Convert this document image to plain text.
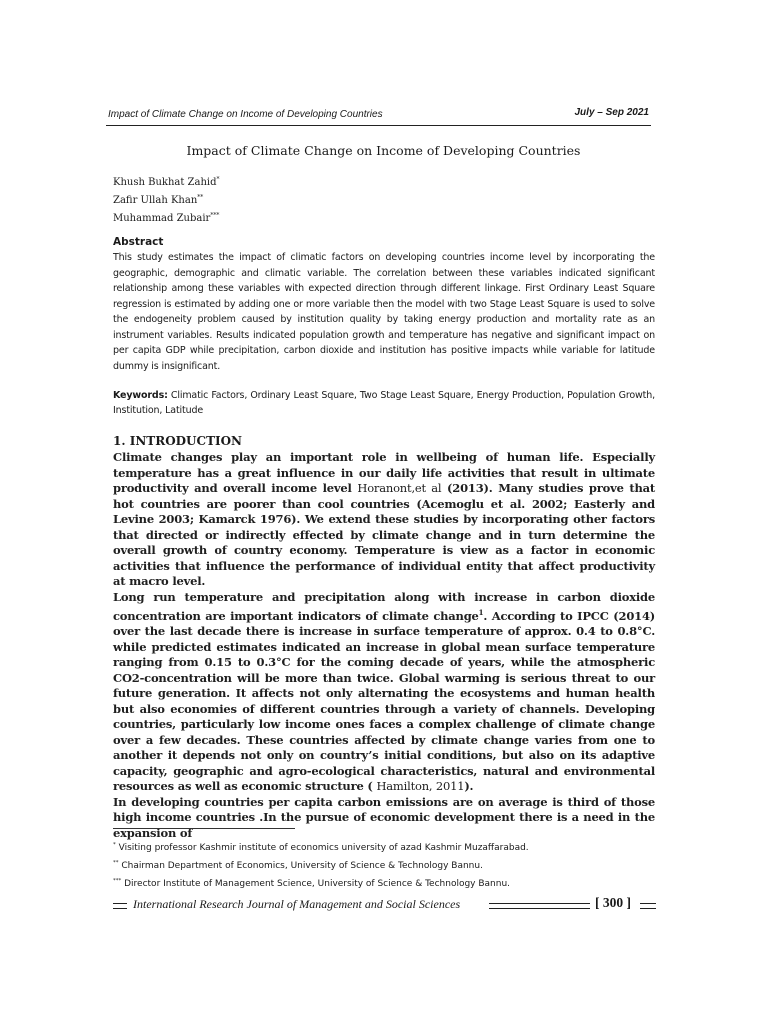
Impact of Climate Change on Income of Developing Countries	July – Sep 2021
Impact of Climate Change on Income of Developing Countries
Khush Bukhat Zahid*
Zafir Ullah Khan**
Muhammad Zubair***
Abstract
This study estimates the impact of climatic factors on developing countries income level by incorporating the geographic, demographic and climatic variable. The correlation between these variables indicated significant relationship among these variables with expected direction through different linkage. First Ordinary Least Square regression is estimated by adding one or more variable then the model with two Stage Least Square is used to solve the endogeneity problem caused by institution quality by taking energy production and mortality rate as an instrument variables. Results indicated population growth and temperature has negative and significant impact on per capita GDP while precipitation, carbon dioxide and institution has positive impacts while variable for latitude dummy is insignificant.
Keywords: Climatic Factors, Ordinary Least Square, Two Stage Least Square, Energy Production, Population Growth, Institution, Latitude
1. INTRODUCTION

Climate changes play an important role in wellbeing of human life. Especially temperature has a great influence in our daily life activities that result in ultimate productivity and overall income level Horanont,et al (2013). Many studies prove that hot countries are poorer than cool countries (Acemoglu et al. 2002; Easterly and Levine 2003; Kamarck 1976). We extend these studies by incorporating other factors that directed or indirectly effected by climate change and in turn determine the overall growth of country economy. Temperature is view as a factor in economic activities that influence the performance of individual entity that affect productivity at macro level.

Long run temperature and precipitation along with increase in carbon dioxide concentration are important indicators of climate change$^1$. According to IPCC (2014) over the last decade there is increase in surface temperature of approx. 0.4 to 0.8°C. while predicted estimates indicated an increase in global mean surface temperature ranging from 0.15 to 0.3°C for the coming decade of years, while the atmospheric CO2-concentration will be more than twice. Global warming is serious threat to our future generation. It affects not only alternating the ecosystems and human health but also economies of different countries through a variety of channels. Developing countries, particularly low income ones faces a complex challenge of climate change over a few decades. These countries affected by climate change varies from one to another it depends not only on country’s initial conditions, but also on its adaptive capacity, geographic and agro-ecological characteristics, natural and environmental resources as well as economic structure ( Hamilton, 2011).

In developing countries per capita carbon emissions are on average is third of those high income countries .In the pursue of economic development there is a need in the expansion of

* Visiting professor Kashmir institute of economics university of azad Kashmir Muzaffarabad.
** Chairman Department of Economics, University of Science & Technology Bannu.
*** Director Institute of Management Science, University of Science & Technology Bannu.
International Research Journal of Management and Social Sciences	[ 300 ]
